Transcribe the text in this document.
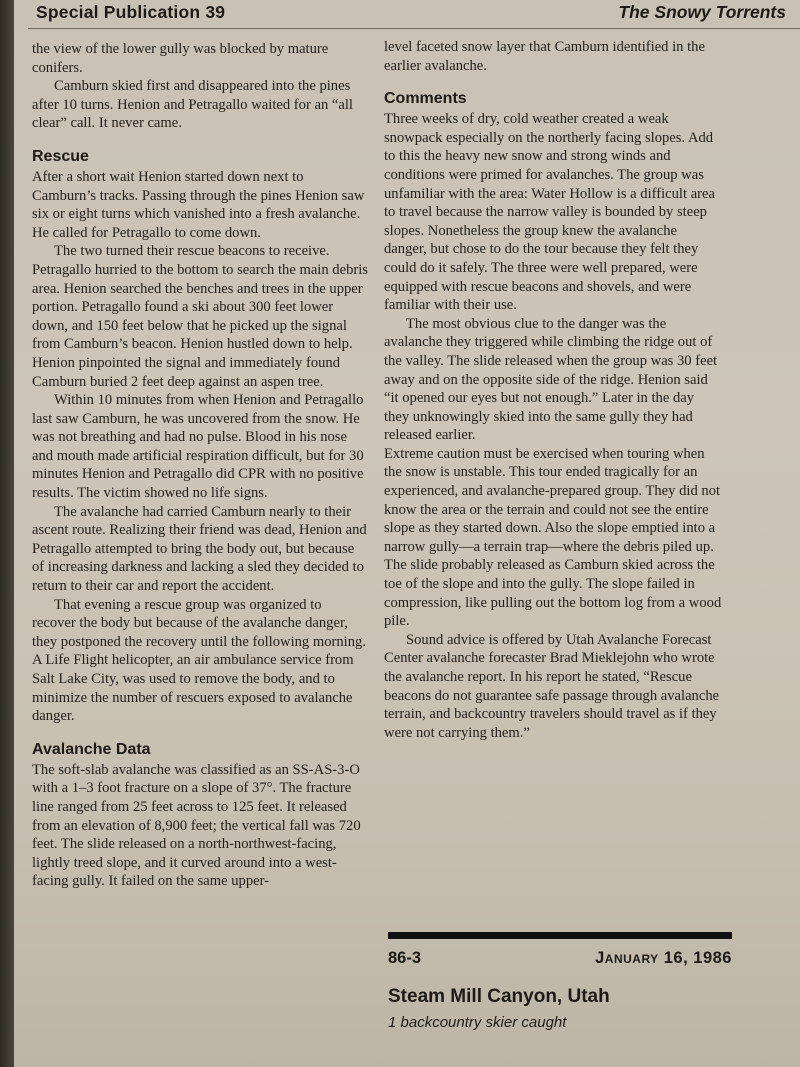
Special Publication 39	The Snowy Torrents

the view of the lower gully was blocked by mature conifers.

Camburn skied first and disappeared into the pines after 10 turns. Henion and Petragallo waited for an “all clear” call. It never came.

Rescue

After a short wait Henion started down next to Camburn’s tracks. Passing through the pines Henion saw six or eight turns which vanished into a fresh avalanche. He called for Petragallo to come down.

The two turned their rescue beacons to receive. Petragallo hurried to the bottom to search the main debris area. Henion searched the benches and trees in the upper portion. Petragallo found a ski about 300 feet lower down, and 150 feet below that he picked up the signal from Camburn’s beacon. Henion hustled down to help. Henion pinpointed the signal and immediately found Camburn buried 2 feet deep against an aspen tree.

Within 10 minutes from when Henion and Petragallo last saw Camburn, he was uncovered from the snow. He was not breathing and had no pulse. Blood in his nose and mouth made artificial respiration difficult, but for 30 minutes Henion and Petragallo did CPR with no positive results. The victim showed no life signs.

The avalanche had carried Camburn nearly to their ascent route. Realizing their friend was dead, Henion and Petragallo attempted to bring the body out, but because of increasing darkness and lacking a sled they decided to return to their car and report the accident.

That evening a rescue group was organized to recover the body but because of the avalanche danger, they postponed the recovery until the following morning. A Life Flight helicopter, an air ambulance service from Salt Lake City, was used to remove the body, and to minimize the number of rescuers exposed to avalanche danger.

Avalanche Data

The soft-slab avalanche was classified as an SS-AS-3-O with a 1–3 foot fracture on a slope of 37°. The fracture line ranged from 25 feet across to 125 feet. It released from an elevation of 8,900 feet; the vertical fall was 720 feet. The slide released on a north-northwest-facing, lightly treed slope, and it curved around into a west-facing gully. It failed on the same upper-

level faceted snow layer that Camburn identified in the earlier avalanche.

Comments

Three weeks of dry, cold weather created a weak snowpack especially on the northerly facing slopes. Add to this the heavy new snow and strong winds and conditions were primed for avalanches. The group was unfamiliar with the area: Water Hollow is a difficult area to travel because the narrow valley is bounded by steep slopes. Nonetheless the group knew the avalanche danger, but chose to do the tour because they felt they could do it safely. The three were well prepared, were equipped with rescue beacons and shovels, and were familiar with their use.

The most obvious clue to the danger was the avalanche they triggered while climbing the ridge out of the valley. The slide released when the group was 30 feet away and on the opposite side of the ridge. Henion said “it opened our eyes but not enough.” Later in the day they unknowingly skied into the same gully they had released earlier.

Extreme caution must be exercised when touring when the snow is unstable. This tour ended tragically for an experienced, and avalanche-prepared group. They did not know the area or the terrain and could not see the entire slope as they started down. Also the slope emptied into a narrow gully—a terrain trap—where the debris piled up. The slide probably released as Camburn skied across the toe of the slope and into the gully. The slope failed in compression, like pulling out the bottom log from a wood pile.

Sound advice is offered by Utah Avalanche Forecast Center avalanche forecaster Brad Mieklejohn who wrote the avalanche report. In his report he stated, “Rescue beacons do not guarantee safe passage through avalanche terrain, and backcountry travelers should travel as if they were not carrying them.”

86-3	January 16, 1986
Steam Mill Canyon, Utah
1 backcountry skier caught
